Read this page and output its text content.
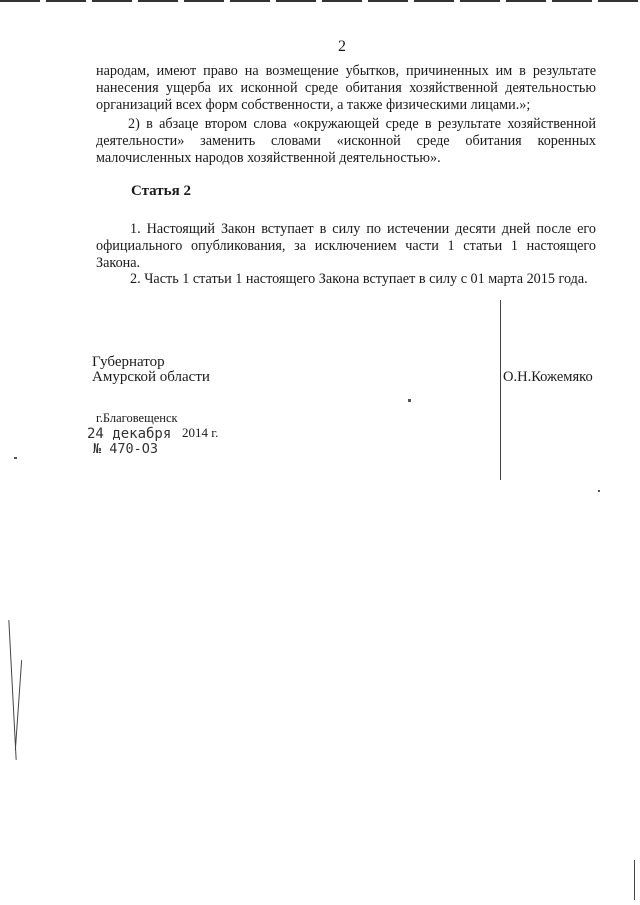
2
народам, имеют право на возмещение убытков, причиненных им в результате нанесения ущерба их исконной среде обитания хозяйственной деятельностью организаций всех форм собственности, а также физическими лицами.»;
2) в абзаце втором слова «окружающей среде в результате хозяйственной деятельности» заменить словами «исконной среде обитания коренных малочисленных народов хозяйственной деятельностью».
Статья 2
1. Настоящий Закон вступает в силу по истечении десяти дней после его официального опубликования, за исключением части 1 статьи 1 настоящего Закона.
2. Часть 1 статьи 1 настоящего Закона вступает в силу с 01 марта 2015 года.
Губернатор
Амурской области	О.Н.Кожемяко
г.Благовещенск
24 декабря 2014 г.
№ 470-ОЗ
